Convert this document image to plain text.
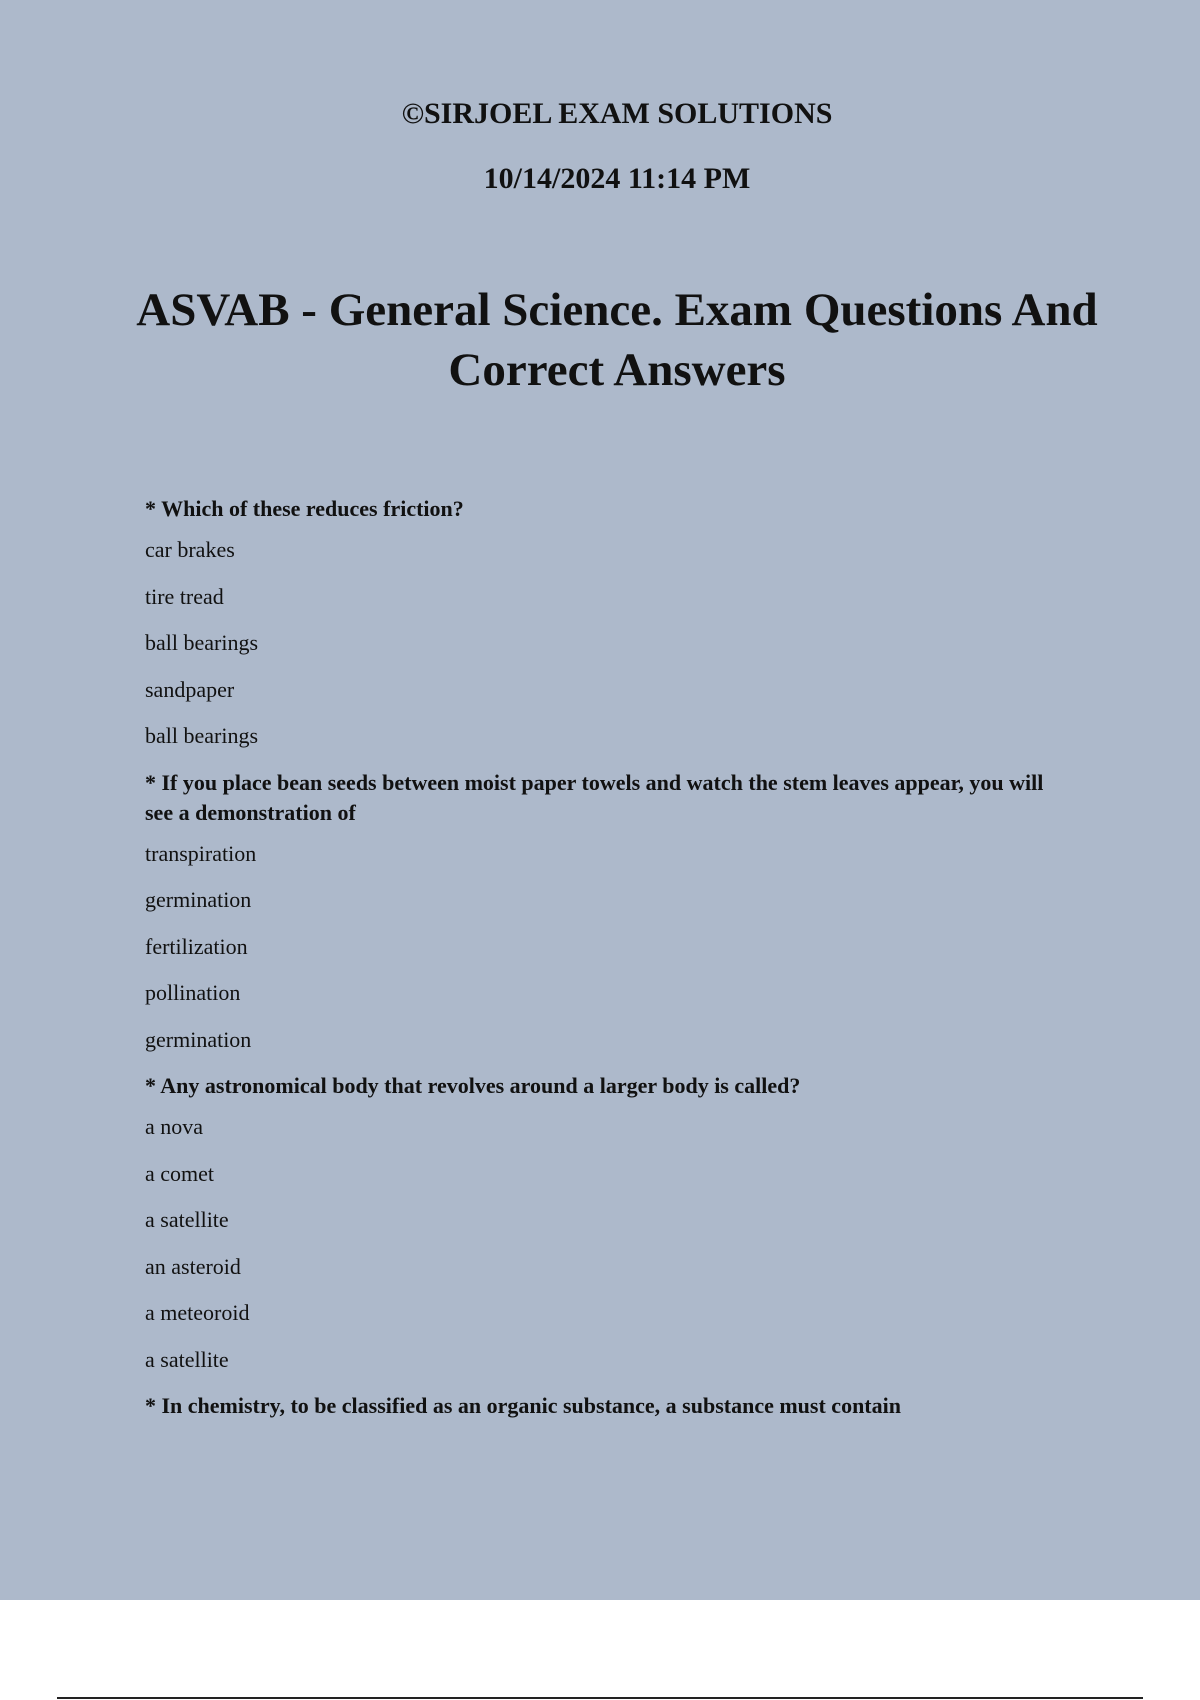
©SIRJOEL EXAM SOLUTIONS
10/14/2024 11:14 PM
ASVAB - General Science. Exam Questions And Correct Answers

* Which of these reduces friction?

car brakes
tire tread
ball bearings
sandpaper
ball bearings

* If you place bean seeds between moist paper towels and watch the stem leaves appear, you will see a demonstration of

transpiration
germination
fertilization
pollination
germination

* Any astronomical body that revolves around a larger body is called?

a nova
a comet
a satellite
an asteroid
a meteoroid
a satellite

* In chemistry, to be classified as an organic substance, a substance must contain
